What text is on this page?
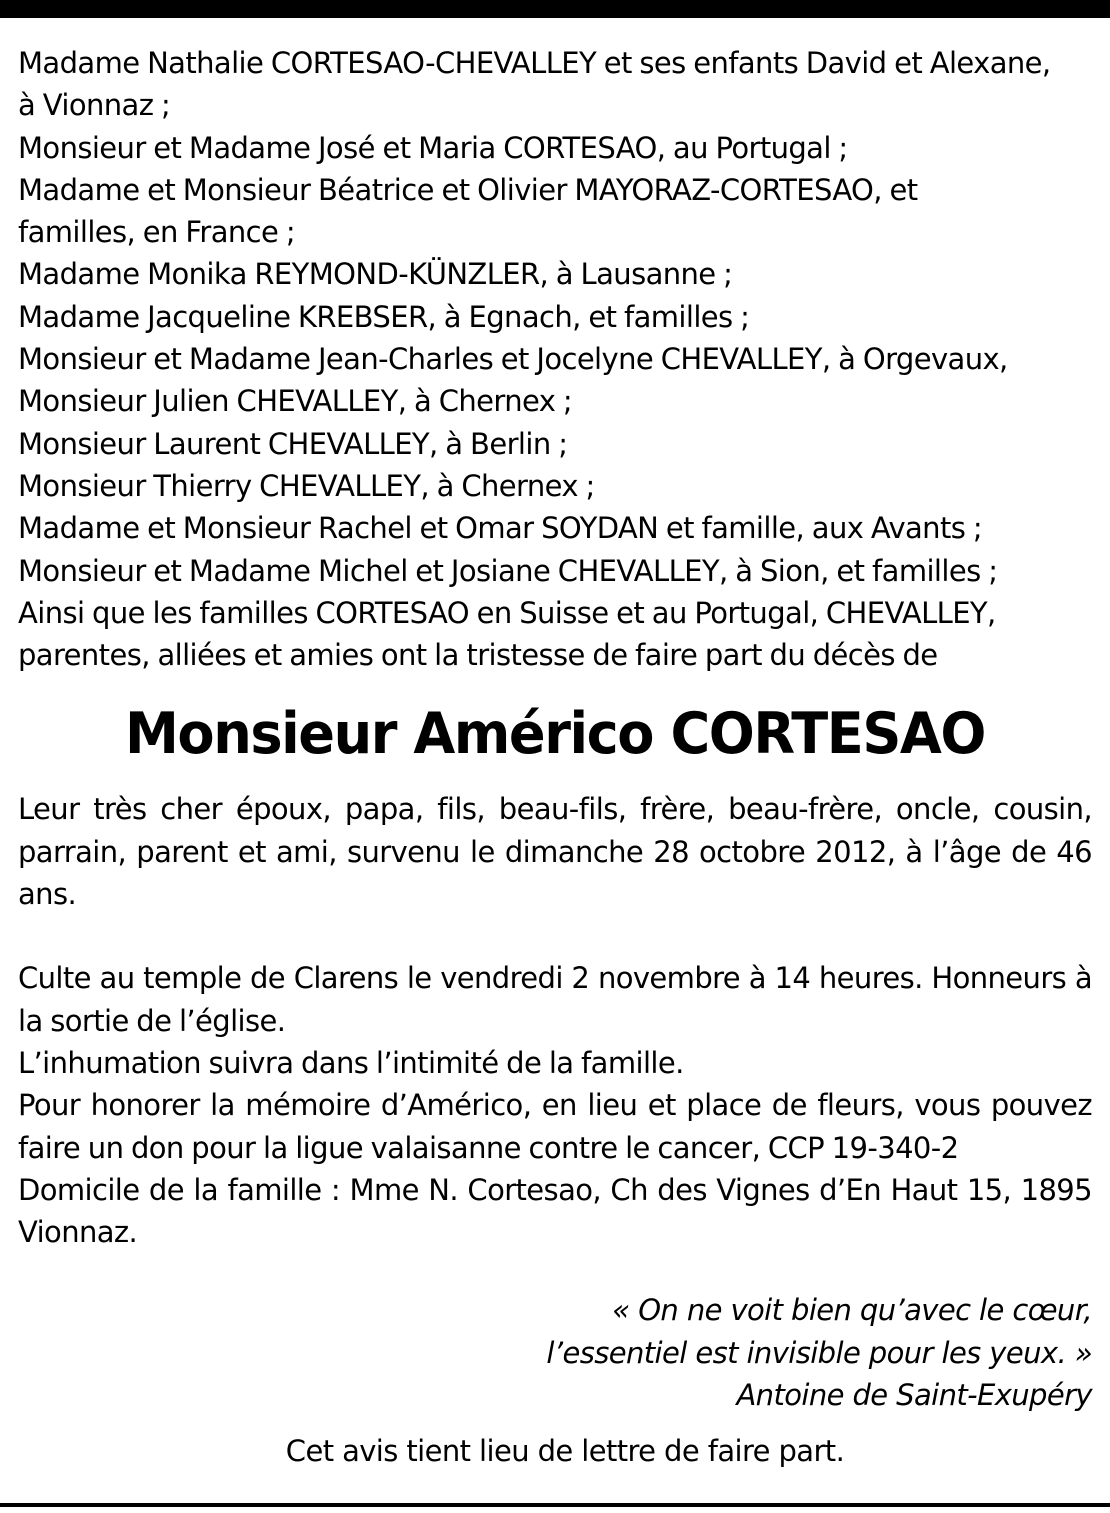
Madame Nathalie CORTESAO-CHEVALLEY et ses enfants David et Alexane,
à Vionnaz ;
Monsieur et Madame José et Maria CORTESAO, au Portugal ;
Madame et Monsieur Béatrice et Olivier MAYORAZ-CORTESAO, et
familles, en France ;
Madame Monika REYMOND-KÜNZLER, à Lausanne ;
Madame Jacqueline KREBSER, à Egnach, et familles ;
Monsieur et Madame Jean-Charles et Jocelyne CHEVALLEY, à Orgevaux,
Monsieur Julien CHEVALLEY, à Chernex ;
Monsieur Laurent CHEVALLEY, à Berlin ;
Monsieur Thierry CHEVALLEY, à Chernex ;
Madame et Monsieur Rachel et Omar SOYDAN et famille, aux Avants ;
Monsieur et Madame Michel et Josiane CHEVALLEY, à Sion, et familles ;
Ainsi que les familles CORTESAO en Suisse et au Portugal, CHEVALLEY,
parentes, alliées et amies ont la tristesse de faire part du décès de
Monsieur Américo CORTESAO
Leur très cher époux, papa, fils, beau-fils, frère, beau-frère, oncle, cousin, parrain, parent et ami, survenu le dimanche 28 octobre 2012, à l’âge de 46 ans.
Culte au temple de Clarens le vendredi 2 novembre à 14 heures. Honneurs à la sortie de l’église.
L’inhumation suivra dans l’intimité de la famille.
Pour honorer la mémoire d’Américo, en lieu et place de fleurs, vous pouvez faire un don pour la ligue valaisanne contre le cancer, CCP 19-340-2
Domicile de la famille : Mme N. Cortesao, Ch des Vignes d’En Haut 15, 1895 Vionnaz.
« On ne voit bien qu’avec le cœur,
l’essentiel est invisible pour les yeux. »
Antoine de Saint-Exupéry
Cet avis tient lieu de lettre de faire part.
